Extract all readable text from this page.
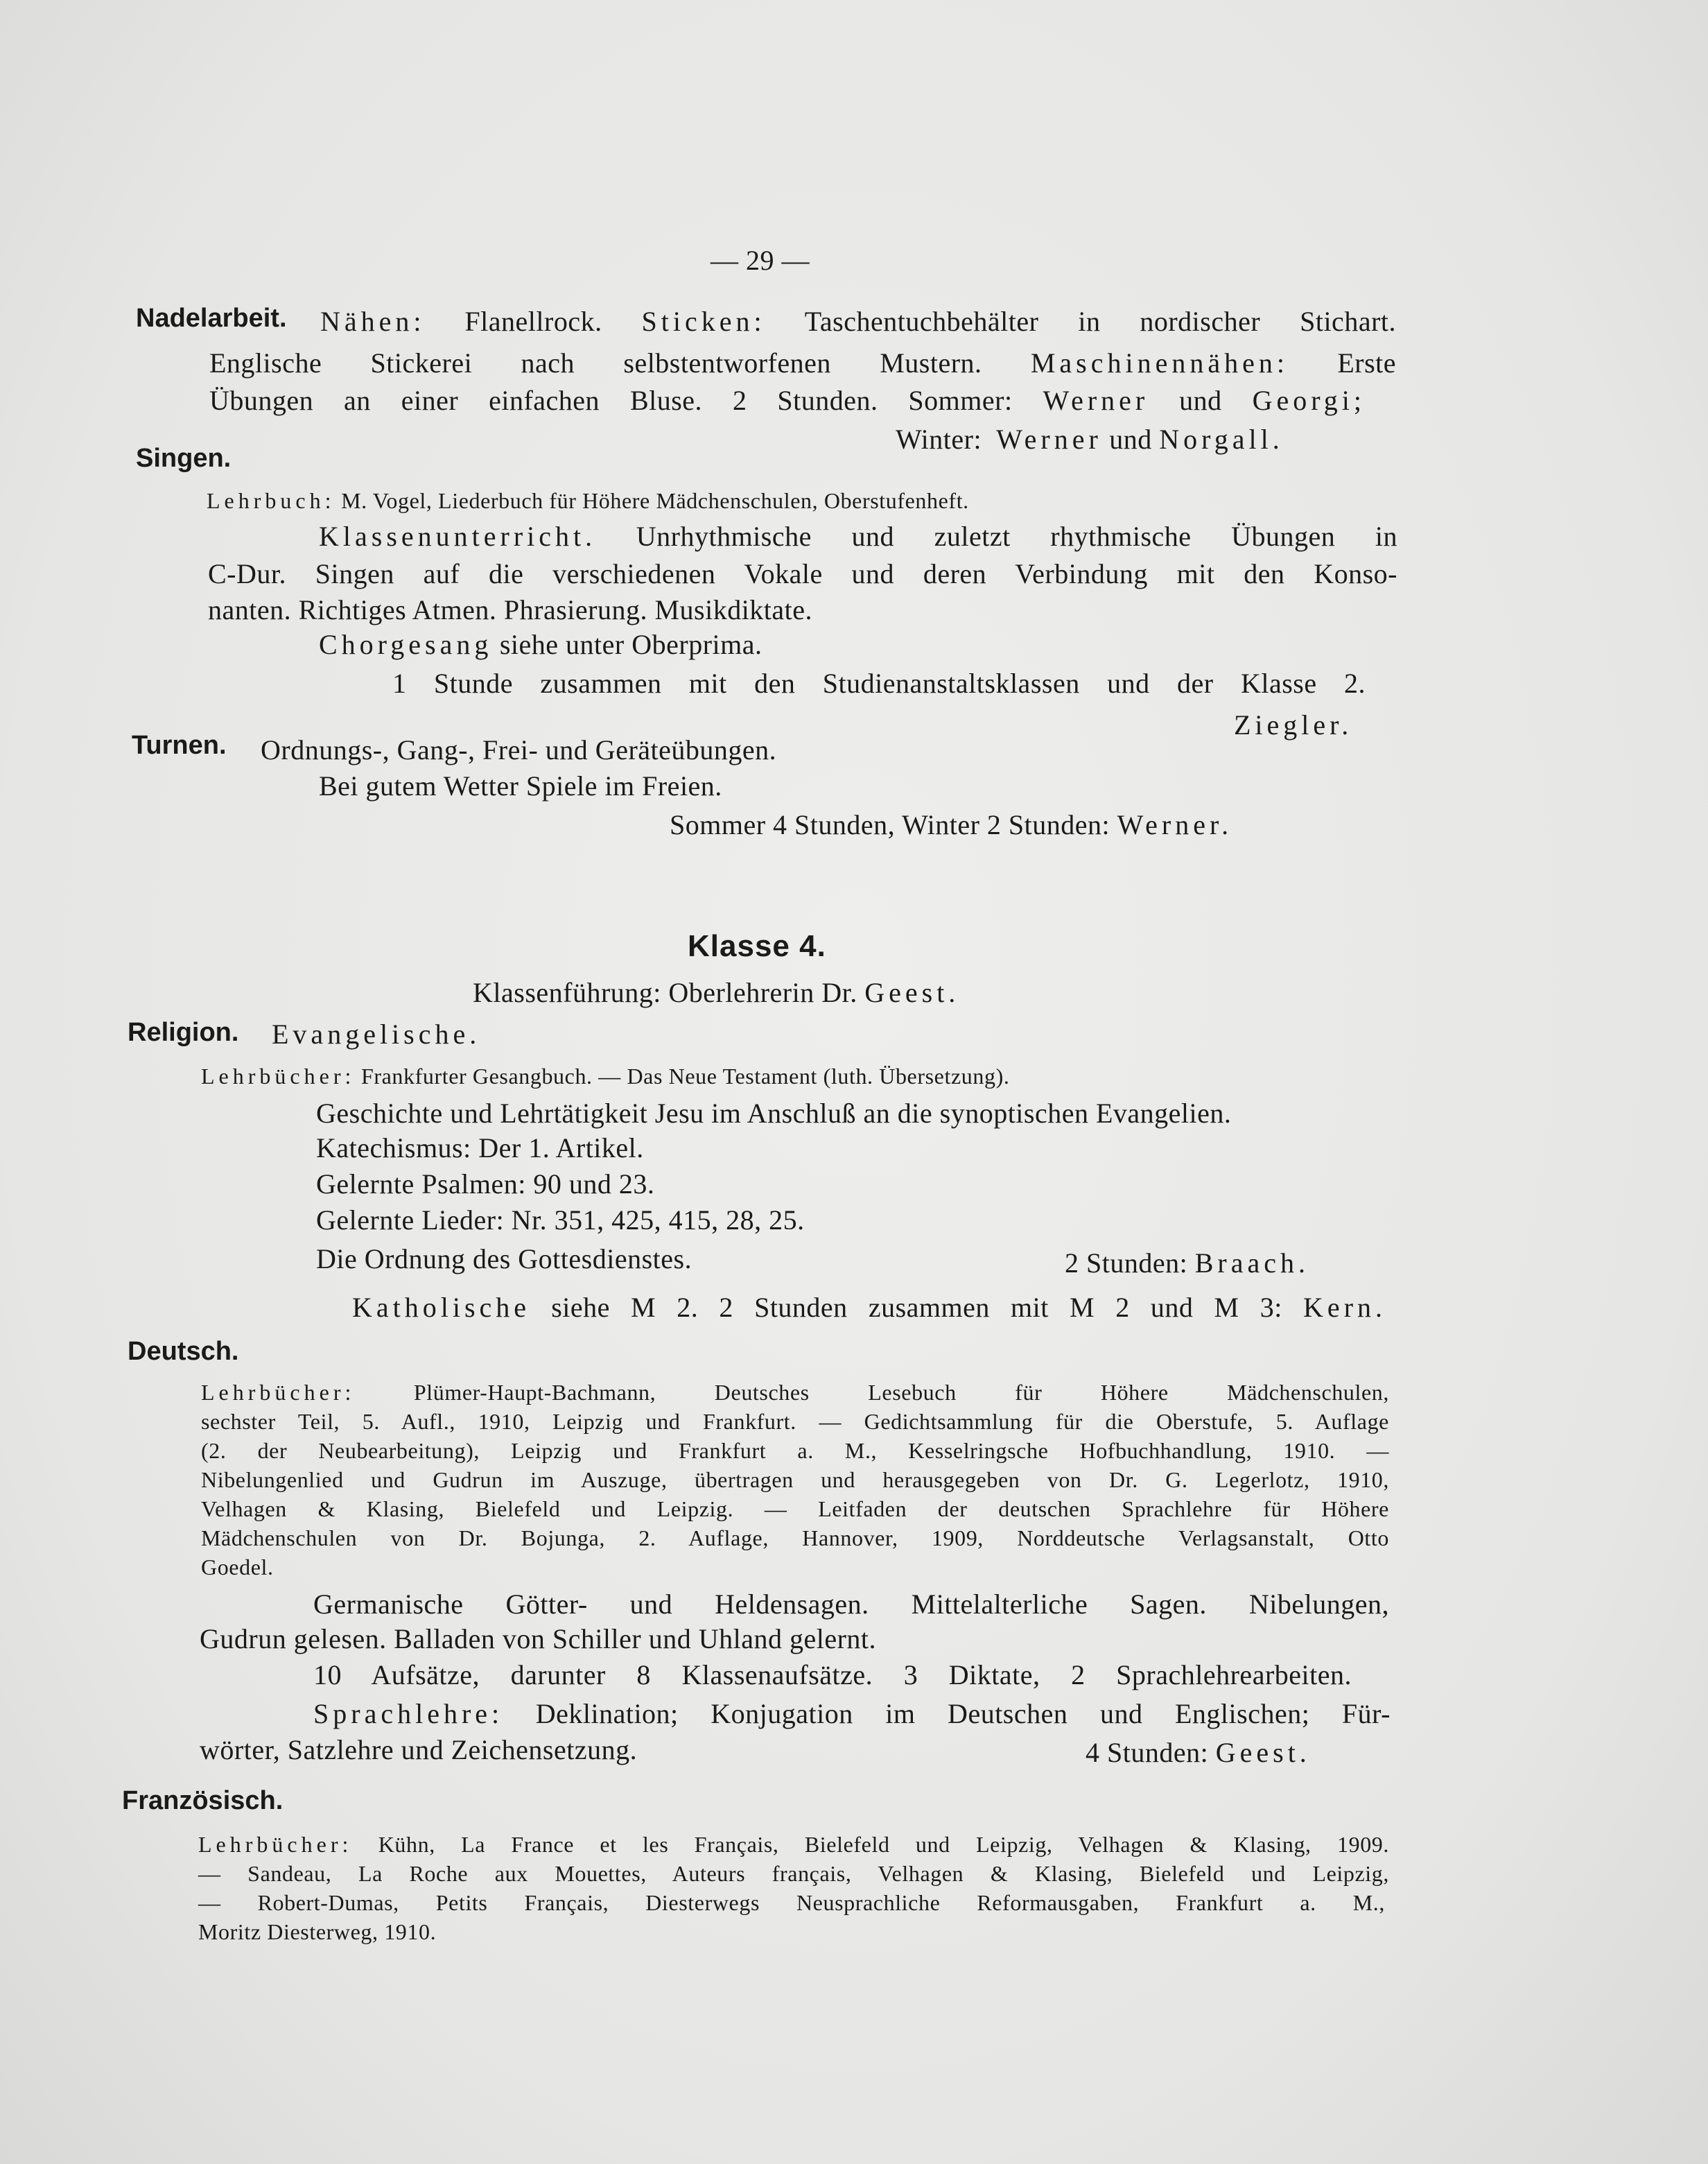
— 29 —
Nadelarbeit. Nähen: Flanellrock. Sticken: Taschentuchbehälter in nordischer Stichart.
Englische Stickerei nach selbstentworfenen Mustern. Maschinennähen: Erste
Übungen an einer einfachen Bluse. 2 Stunden. Sommer: Werner und Georgi;
Winter: Werner und Norgall.
Singen.
Lehrbuch: M. Vogel, Liederbuch für Höhere Mädchenschulen, Oberstufenheft.
Klassenunterricht. Unrhythmische und zuletzt rhythmische Übungen in
C-Dur. Singen auf die verschiedenen Vokale und deren Verbindung mit den Konso-
nanten. Richtiges Atmen. Phrasierung. Musikdiktate.
Chorgesang siehe unter Oberprima.
1 Stunde zusammen mit den Studienanstaltsklassen und der Klasse 2.
Ziegler.
Turnen. Ordnungs-, Gang-, Frei- und Geräteübungen.
Bei gutem Wetter Spiele im Freien.
Sommer 4 Stunden, Winter 2 Stunden: Werner.
Klasse 4.
Klassenführung: Oberlehrerin Dr. Geest.
Religion. Evangelische.
Lehrbücher: Frankfurter Gesangbuch. — Das Neue Testament (luth. Übersetzung).
Geschichte und Lehrtätigkeit Jesu im Anschluß an die synoptischen Evangelien.
Katechismus: Der 1. Artikel.
Gelernte Psalmen: 90 und 23.
Gelernte Lieder: Nr. 351, 425, 415, 28, 25.
Die Ordnung des Gottesdienstes.	2 Stunden: Braach.
Katholische siehe M 2. 2 Stunden zusammen mit M 2 und M 3: Kern.
Deutsch.
Lehrbücher:	Plümer-Haupt-Bachmann, Deutsches Lesebuch für Höhere Mädchenschulen,
sechster Teil, 5. Aufl., 1910, Leipzig und Frankfurt. — Gedichtsammlung für die Oberstufe, 5. Auflage
(2. der Neubearbeitung), Leipzig und Frankfurt a. M., Kesselringsche Hofbuchhandlung, 1910. —
Nibelungenlied und Gudrun im Auszuge, übertragen und herausgegeben von Dr. G. Legerlotz, 1910,
Velhagen & Klasing, Bielefeld und Leipzig. — Leitfaden der deutschen Sprachlehre für Höhere
Mädchenschulen von Dr. Bojunga, 2. Auflage, Hannover, 1909, Norddeutsche Verlagsanstalt, Otto
Goedel.
Germanische Götter- und Heldensagen. Mittelalterliche Sagen. Nibelungen,
Gudrun gelesen. Balladen von Schiller und Uhland gelernt.
10 Aufsätze, darunter 8 Klassenaufsätze. 3 Diktate, 2 Sprachlehrearbeiten.
Sprachlehre: Deklination; Konjugation im Deutschen und Englischen; Für-
wörter, Satzlehre und Zeichensetzung.	4 Stunden: Geest.
Französisch.
Lehrbücher: Kühn, La France et les Français, Bielefeld und Leipzig, Velhagen & Klasing, 1909.
— Sandeau, La Roche aux Mouettes, Auteurs français, Velhagen & Klasing, Bielefeld und Leipzig,
— Robert-Dumas, Petits Français, Diesterwegs Neusprachliche Reformausgaben, Frankfurt a. M.,
Moritz Diesterweg, 1910.
